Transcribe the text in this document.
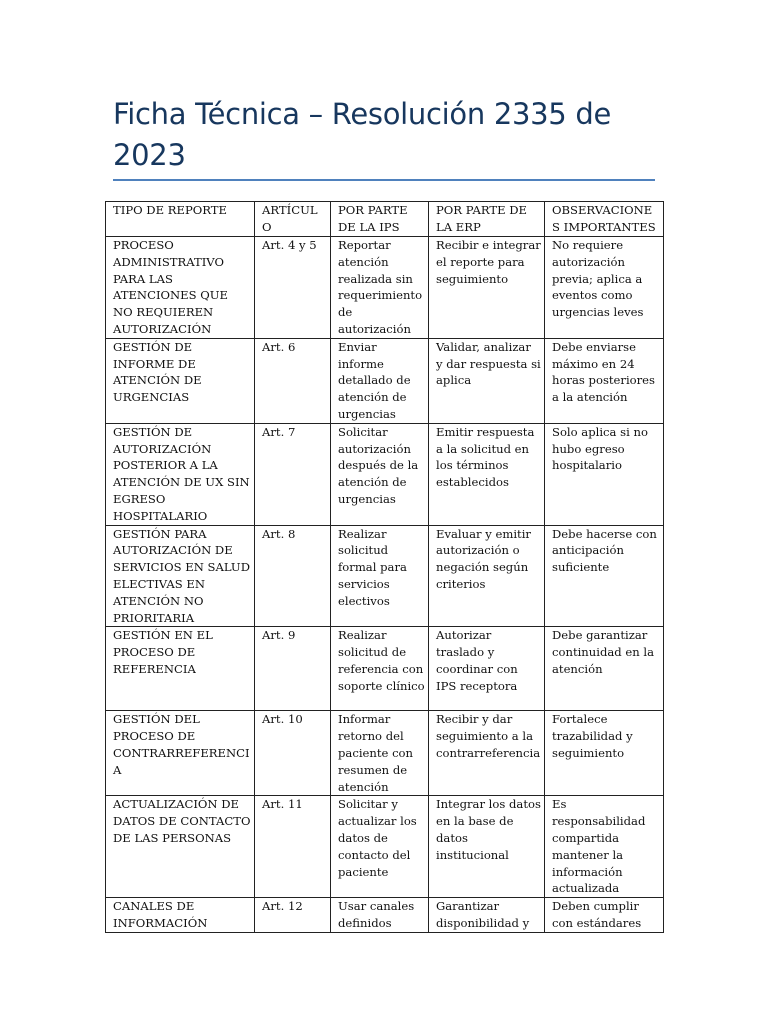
Ficha Técnica – Resolución 2335 de 2023
TIPO DE REPORTE	ARTÍCULO	POR PARTE DE LA IPS	POR PARTE DE LA ERP	OBSERVACIONES IMPORTANTES
PROCESO ADMINISTRATIVO PARA LAS ATENCIONES QUE NO REQUIEREN AUTORIZACIÓN	Art. 4 y 5	Reportar atención realizada sin requerimiento de autorización	Recibir e integrar el reporte para seguimiento	No requiere autorización previa; aplica a eventos como urgencias leves
GESTIÓN DE INFORME DE ATENCIÓN DE URGENCIAS	Art. 6	Enviar informe detallado de atención de urgencias	Validar, analizar y dar respuesta si aplica	Debe enviarse máximo en 24 horas posteriores a la atención
GESTIÓN DE AUTORIZACIÓN POSTERIOR A LA ATENCIÓN DE UX SIN EGRESO HOSPITALARIO	Art. 7	Solicitar autorización después de la atención de urgencias	Emitir respuesta a la solicitud en los términos establecidos	Solo aplica si no hubo egreso hospitalario
GESTIÓN PARA AUTORIZACIÓN DE SERVICIOS EN SALUD ELECTIVAS EN ATENCIÓN NO PRIORITARIA	Art. 8	Realizar solicitud formal para servicios electivos	Evaluar y emitir autorización o negación según criterios	Debe hacerse con anticipación suficiente
GESTIÓN EN EL PROCESO DE REFERENCIA	Art. 9	Realizar solicitud de referencia con soporte clínico	Autorizar traslado y coordinar con IPS receptora	Debe garantizar continuidad en la atención
GESTIÓN DEL PROCESO DE CONTRARREFERENCIA	Art. 10	Informar retorno del paciente con resumen de atención	Recibir y dar seguimiento a la contrarreferencia	Fortalece trazabilidad y seguimiento
ACTUALIZACIÓN DE DATOS DE CONTACTO DE LAS PERSONAS	Art. 11	Solicitar y actualizar los datos de contacto del paciente	Integrar los datos en la base de datos institucional	Es responsabilidad compartida mantener la información actualizada
CANALES DE INFORMACIÓN	Art. 12	Usar canales definidos	Garantizar disponibilidad y	Deben cumplir con estándares
